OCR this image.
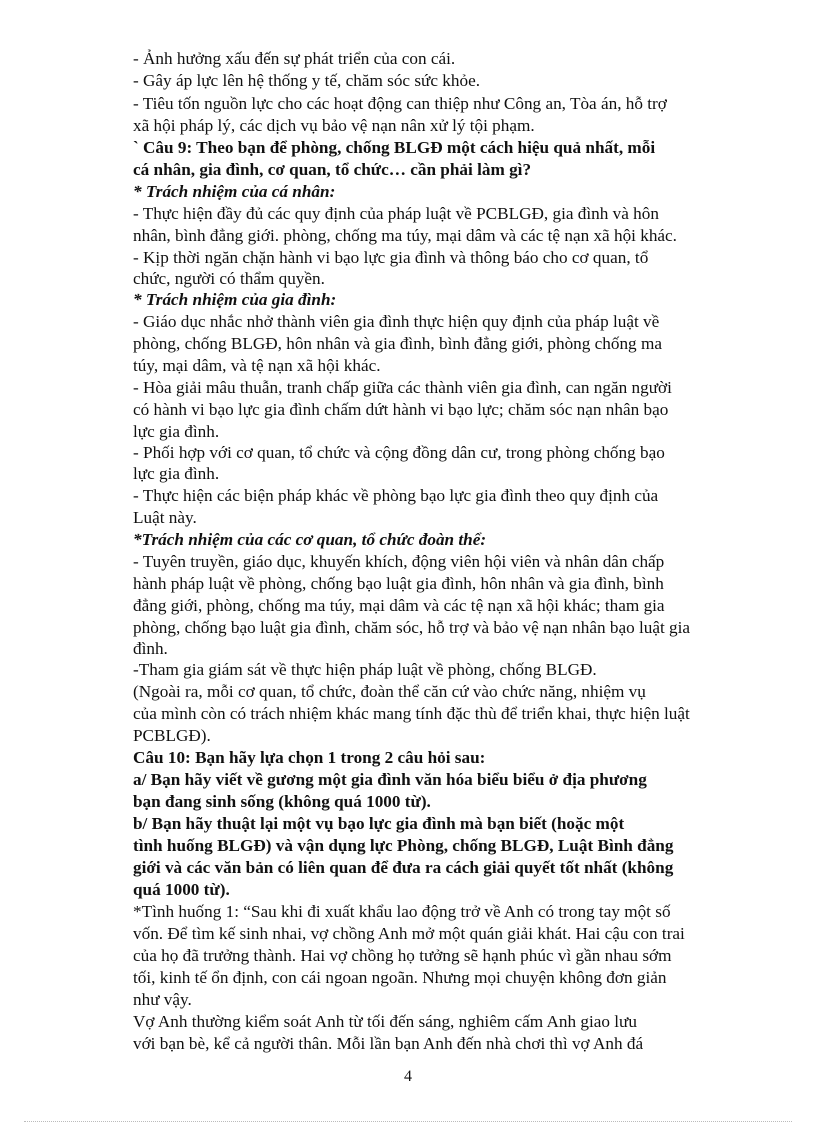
- Ảnh hưởng xấu đến sự phát triển của con cái.
- Gây áp lực lên hệ thống y tế, chăm sóc sức khỏe.
- Tiêu tốn nguồn lực cho các hoạt động can thiệp như Công an, Tòa án, hỗ trợ
xã hội pháp lý, các dịch vụ bảo vệ nạn nân xử lý tội phạm.
` Câu 9: Theo bạn để phòng, chống BLGĐ một cách hiệu quả nhất, mỗi
cá nhân, gia đình, cơ quan, tổ chức… cần phải làm gì?
* Trách nhiệm của cá nhân:
- Thực hiện đầy đủ các quy định của pháp luật về PCBLGĐ, gia đình và hôn
nhân, bình đẳng giới. phòng, chống ma túy, mại dâm và các tệ nạn xã hội khác.
- Kịp thời ngăn chặn hành vi bạo lực gia đình và thông báo cho cơ quan, tổ
chức, người có thẩm quyền.
* Trách nhiệm của gia đình:
- Giáo dục nhắc nhở thành viên gia đình thực hiện quy định của pháp luật về
phòng, chống BLGĐ, hôn nhân và gia đình, bình đẳng giới, phòng chống ma
túy, mại dâm, và tệ nạn xã hội khác.
- Hòa giải mâu thuẫn, tranh chấp giữa các thành viên gia đình, can ngăn người
có hành vi bạo lực gia đình chấm dứt hành vi bạo lực; chăm sóc nạn nhân bạo
lực gia đình.
- Phối hợp với cơ quan, tổ chức và cộng đồng dân cư, trong phòng chống bạo
lực gia đình.
- Thực hiện các biện pháp khác về phòng bạo lực gia đình theo quy định của
Luật này.
*Trách nhiệm của các cơ quan, tổ chức đoàn thể:
- Tuyên truyền, giáo dục, khuyến khích, động viên hội viên và nhân dân chấp
hành pháp luật về phòng, chống bạo luật gia đình, hôn nhân và gia đình, bình
đẳng giới, phòng, chống ma túy, mại dâm và các tệ nạn xã hội khác; tham gia
phòng, chống bạo luật gia đình, chăm sóc, hỗ trợ và bảo vệ nạn nhân bạo luật gia
đình.
-Tham gia giám sát về thực hiện pháp luật về phòng, chống BLGĐ.
(Ngoài ra, mỗi cơ quan, tổ chức, đoàn thể căn cứ vào chức năng, nhiệm vụ
của mình còn có trách nhiệm khác mang tính đặc thù để triển khai, thực hiện luật
PCBLGĐ).
Câu 10: Bạn hãy lựa chọn 1 trong 2 câu hỏi sau:
a/ Bạn hãy viết về gương một gia đình văn hóa biểu biểu ở địa phương
bạn đang sinh sống (không quá 1000 từ).
b/ Bạn hãy thuật lại một vụ bạo lực gia đình mà bạn biết (hoặc một
tình huống BLGĐ) và vận dụng lực Phòng, chống BLGĐ, Luật Bình đẳng
giới và các văn bản có liên quan để đưa ra cách giải quyết tốt nhất (không
quá 1000 từ).
*Tình huống 1: “Sau khi đi xuất khẩu lao động trở về Anh có trong tay một số
vốn. Để tìm kế sinh nhai, vợ chồng Anh mở một quán giải khát. Hai cậu con trai
của họ đã trưởng thành. Hai vợ chồng họ tưởng sẽ hạnh phúc vì gần nhau sớm
tối, kinh tế ổn định, con cái ngoan ngoãn. Nhưng mọi chuyện không đơn giản
như vậy.
Vợ Anh thường kiểm soát Anh từ tối đến sáng, nghiêm cấm Anh giao lưu
với bạn bè, kể cả người thân. Mỗi lần bạn Anh đến nhà chơi thì vợ Anh đá
4
